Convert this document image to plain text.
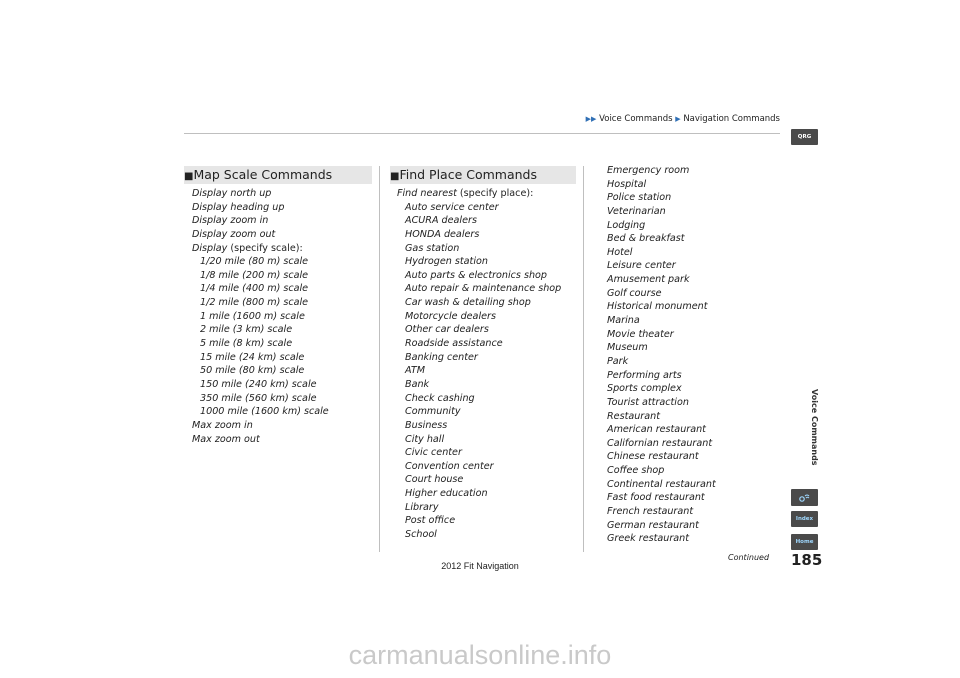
▶▶ Voice Commands ▶ Navigation Commands
■Map Scale Commands
Display north up
Display heading up
Display zoom in
Display zoom out
Display (specify scale):
1/20 mile (80 m) scale
1/8 mile (200 m) scale
1/4 mile (400 m) scale
1/2 mile (800 m) scale
1 mile (1600 m) scale
2 mile (3 km) scale
5 mile (8 km) scale
15 mile (24 km) scale
50 mile (80 km) scale
150 mile (240 km) scale
350 mile (560 km) scale
1000 mile (1600 km) scale
Max zoom in
Max zoom out
■Find Place Commands
Find nearest (specify place):
Auto service center
ACURA dealers
HONDA dealers
Gas station
Hydrogen station
Auto parts & electronics shop
Auto repair & maintenance shop
Car wash & detailing shop
Motorcycle dealers
Other car dealers
Roadside assistance
Banking center
ATM
Bank
Check cashing
Community
Business
City hall
Civic center
Convention center
Court house
Higher education
Library
Post office
School
Emergency room
Hospital
Police station
Veterinarian
Lodging
Bed & breakfast
Hotel
Leisure center
Amusement park
Golf course
Historical monument
Marina
Movie theater
Museum
Park
Performing arts
Sports complex
Tourist attraction
Restaurant
American restaurant
Californian restaurant
Chinese restaurant
Coffee shop
Continental restaurant
Fast food restaurant
French restaurant
German restaurant
Greek restaurant
Continued 185
2012 Fit Navigation
QRG
Voice Commands
Index
Home
carmanualsonline.info
